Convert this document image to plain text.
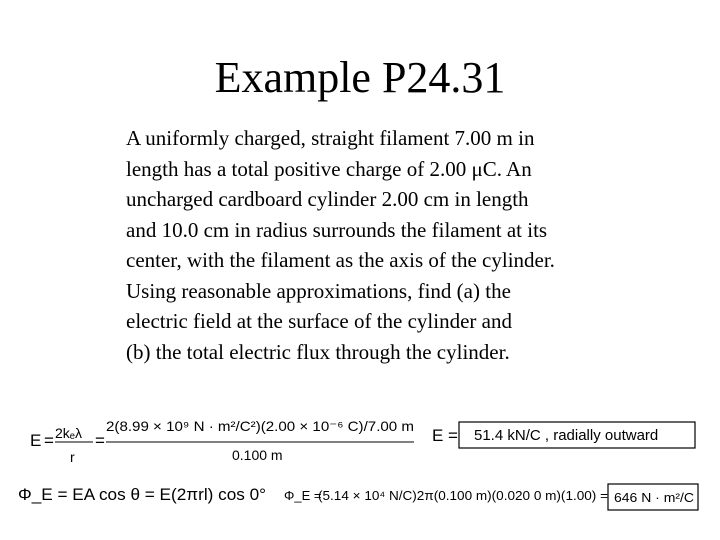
Example P24.31
A uniformly charged, straight filament 7.00 m in
length has a total positive charge of 2.00 μC. An
uncharged cardboard cylinder 2.00 cm in length
and 10.0 cm in radius surrounds the filament at its
center, with the filament as the axis of the cylinder.
Using reasonable approximations, find (a) the
electric field at the surface of the cylinder and
(b) the total electric flux through the cylinder.
E = 2kₑλ
r
=
2(8.99 × 10⁹ N · m²/C²)(2.00 × 10⁻⁶ C)/7.00 m
0.100 m
E = 51.4 kN/C , radially outward
Φ_E = EA cos θ = E(2πrl) cos 0° Φ_E =
(5.14 × 10⁴ N/C)2π(0.100 m)(0.020 0 m)(1.00) = 646 N · m²/C
